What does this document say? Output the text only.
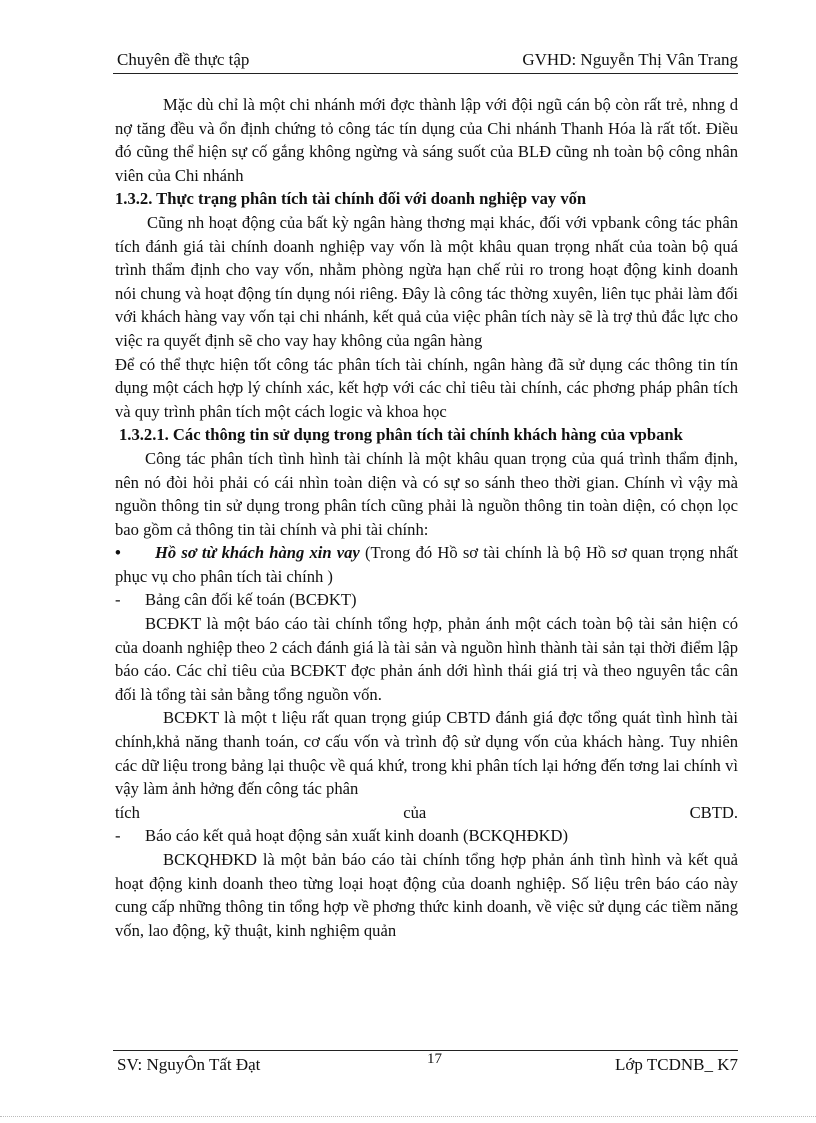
Chuyên đề thực tập	GVHD: Nguyễn Thị Vân Trang

Mặc dù chỉ là một chi nhánh mới đợc thành lập với đội ngũ cán bộ còn rất trẻ, nhng d nợ tăng đều và ổn định chứng tỏ công tác tín dụng của Chi nhánh Thanh Hóa là rất tốt. Điều đó cũng thể hiện sự cố gắng không ngừng và sáng suốt của BLĐ cũng nh toàn bộ công nhân viên của Chi nhánh

1.3.2. Thực trạng phân tích tài chính đối với doanh nghiệp vay vốn

Cũng nh hoạt động của bất kỳ ngân hàng thơng mại khác, đối với vpbank công tác phân tích đánh giá tài chính doanh nghiệp vay vốn là một khâu quan trọng nhất của toàn bộ quá trình thẩm định cho vay vốn, nhằm phòng ngừa hạn chế rủi ro trong hoạt động kinh doanh nói chung và hoạt động tín dụng nói riêng. Đây là công tác thờng xuyên, liên tục phải làm đối với khách hàng vay vốn tại chi nhánh, kết quả của việc phân tích này sẽ là trợ thủ đắc lực cho việc ra quyết định sẽ cho vay hay không của ngân hàng

Để có thể thực hiện tốt công tác phân tích tài chính, ngân hàng đã sử dụng các thông tin tín dụng một cách hợp lý chính xác, kết hợp với các chỉ tiêu tài chính, các phơng pháp phân tích và quy trình phân tích một cách logic và khoa học

1.3.2.1. Các thông tin sử dụng trong phân tích tài chính khách hàng của vpbank

Công tác phân tích tình hình tài chính là một khâu quan trọng của quá trình thẩm định, nên nó đòi hỏi phải có cái nhìn toàn diện và có sự so sánh theo thời gian. Chính vì vậy mà nguồn thông tin sử dụng trong phân tích cũng phải là nguồn thông tin toàn diện, có chọn lọc bao gồm cả thông tin tài chính và phi tài chính:

• Hồ sơ từ khách hàng xin vay (Trong đó Hồ sơ tài chính là bộ Hồ sơ quan trọng nhất phục vụ cho phân tích tài chính )

- Bảng cân đối kế toán (BCĐKT)

BCĐKT là một báo cáo tài chính tổng hợp, phản ánh một cách toàn bộ tài sản hiện có của doanh nghiệp theo 2 cách đánh giá là tài sản và nguồn hình thành tài sản tại thời điểm lập báo cáo. Các chỉ tiêu của BCĐKT đợc phản ánh dới hình thái giá trị và theo nguyên tắc cân đối là tổng tài sản bằng tổng nguồn vốn.

BCĐKT là một t liệu rất quan trọng giúp CBTD đánh giá đợc tổng quát tình hình tài chính,khả năng thanh toán, cơ cấu vốn và trình độ sử dụng vốn của khách hàng. Tuy nhiên các dữ liệu trong bảng lại thuộc về quá khứ, trong khi phân tích lại hớng đến tơng lai chính vì vậy làm ảnh hởng đến công tác phân

tích	của	CBTD.

- Báo cáo kết quả hoạt động sản xuất kinh doanh (BCKQHĐKD)

BCKQHĐKD là một bản báo cáo tài chính tổng hợp phản ánh tình hình và kết quả hoạt động kinh doanh theo từng loại hoạt động của doanh nghiệp. Số liệu trên báo cáo này cung cấp những thông tin tổng hợp về phơng thức kinh doanh, về việc sử dụng các tiềm năng vốn, lao động, kỹ thuật, kinh nghiệm quản

SV: NguyÔn Tất Đạt	17	Lớp TCDNB_ K7
